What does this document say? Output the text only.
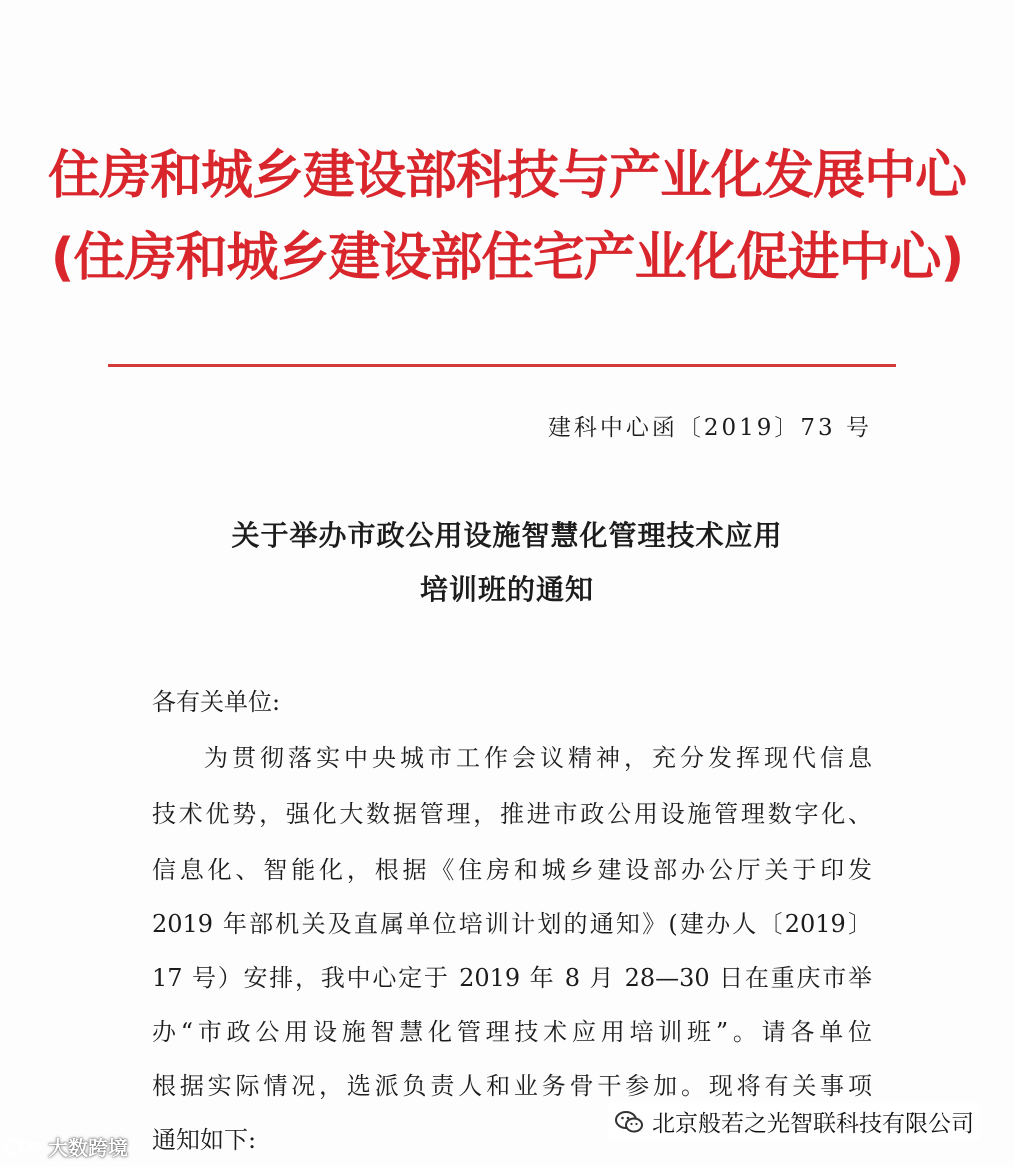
住房和城乡建设部科技与产业化发展中心
(住房和城乡建设部住宅产业化促进中心)
建科中心函〔2019〕73 号
关于举办市政公用设施智慧化管理技术应用
培训班的通知
各有关单位:
为贯彻落实中央城市工作会议精神，充分发挥现代信息
技术优势，强化大数据管理，推进市政公用设施管理数字化、
信息化、智能化，根据《住房和城乡建设部办公厅关于印发
2019 年部机关及直属单位培训计划的通知》(建办人〔2019〕
17 号）安排，我中心定于 2019 年 8 月 28—30 日在重庆市举
办“市政公用设施智慧化管理技术应用培训班”。请各单位
根据实际情况，选派负责人和业务骨干参加。现将有关事项
通知如下:
大数跨境
北京般若之光智联科技有限公司
